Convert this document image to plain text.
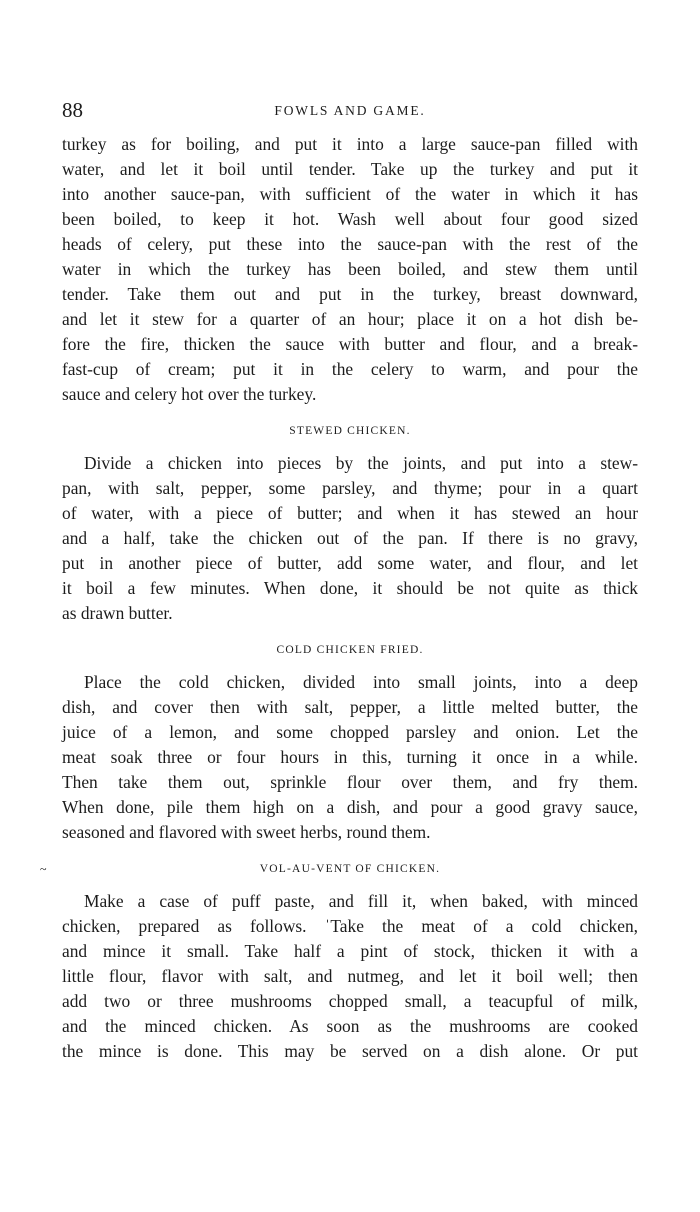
88	FOWLS AND GAME.

turkey as for boiling, and put it into a large sauce-pan filled with

water, and let it boil until tender. Take up the turkey and put it

into another sauce-pan, with sufficient of the water in which it has

been boiled, to keep it hot. Wash well about four good sized

heads of celery, put these into the sauce-pan with the rest of the

water in which the turkey has been boiled, and stew them until

tender. Take them out and put in the turkey, breast downward,

and let it stew for a quarter of an hour; place it on a hot dish be-

fore the fire, thicken the sauce with butter and flour, and a break-

fast-cup of cream; put it in the celery to warm, and pour the

sauce and celery hot over the turkey.

STEWED CHICKEN.

Divide a chicken into pieces by the joints, and put into a stew-

pan, with salt, pepper, some parsley, and thyme; pour in a quart

of water, with a piece of butter; and when it has stewed an hour

and a half, take the chicken out of the pan. If there is no gravy,

put in another piece of butter, add some water, and flour, and let

it boil a few minutes. When done, it should be not quite as thick

as drawn butter.

COLD CHICKEN FRIED.

Place the cold chicken, divided into small joints, into a deep

dish, and cover then with salt, pepper, a little melted butter, the

juice of a lemon, and some chopped parsley and onion. Let the

meat soak three or four hours in this, turning it once in a while.

Then take them out, sprinkle flour over them, and fry them.

When done, pile them high on a dish, and pour a good gravy sauce,

seasoned and flavored with sweet herbs, round them.

~	VOL-AU-VENT OF CHICKEN.

Make a case of puff paste, and fill it, when baked, with minced

chicken, prepared as follows. ˈTake the meat of a cold chicken,

and mince it small. Take half a pint of stock, thicken it with a

little flour, flavor with salt, and nutmeg, and let it boil well; then

add two or three mushrooms chopped small, a teacupful of milk,

and the minced chicken. As soon as the mushrooms are cooked

the mince is done. This may be served on a dish alone. Or put
